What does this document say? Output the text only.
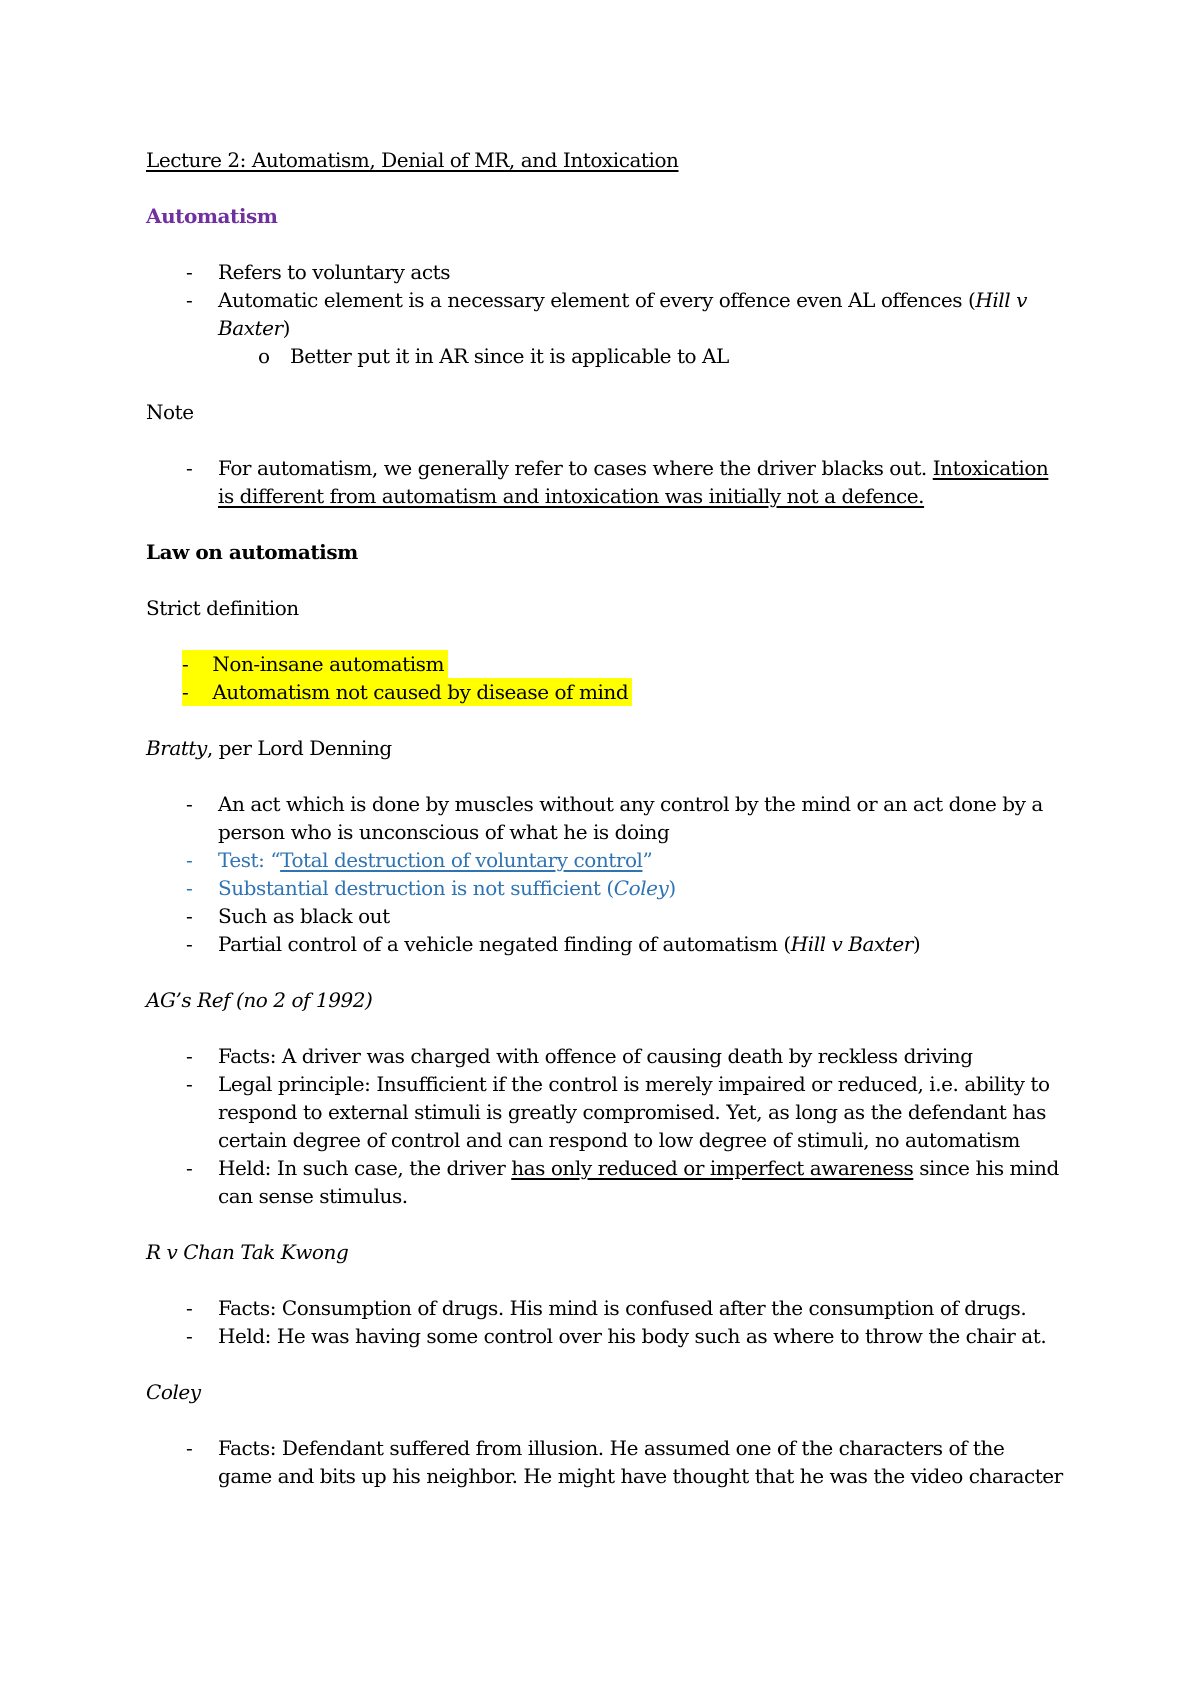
Lecture 2: Automatism, Denial of MR, and Intoxication
Automatism
- Refers to voluntary acts
- Automatic element is a necessary element of every offence even AL offences (Hill v
Baxter)
o Better put it in AR since it is applicable to AL
Note
- For automatism, we generally refer to cases where the driver blacks out. Intoxication
is different from automatism and intoxication was initially not a defence.
Law on automatism
Strict definition
- Non-insane automatism
- Automatism not caused by disease of mind
Bratty, per Lord Denning
- An act which is done by muscles without any control by the mind or an act done by a
person who is unconscious of what he is doing
- Test: “Total destruction of voluntary control”
- Substantial destruction is not sufficient (Coley)
- Such as black out
- Partial control of a vehicle negated finding of automatism (Hill v Baxter)
AG’s Ref (no 2 of 1992)
- Facts: A driver was charged with offence of causing death by reckless driving
- Legal principle: Insufficient if the control is merely impaired or reduced, i.e. ability to
respond to external stimuli is greatly compromised. Yet, as long as the defendant has
certain degree of control and can respond to low degree of stimuli, no automatism
- Held: In such case, the driver has only reduced or imperfect awareness since his mind
can sense stimulus.
R v Chan Tak Kwong
- Facts: Consumption of drugs. His mind is confused after the consumption of drugs.
- Held: He was having some control over his body such as where to throw the chair at.
Coley
- Facts: Defendant suffered from illusion. He assumed one of the characters of the
game and bits up his neighbor. He might have thought that he was the video character
